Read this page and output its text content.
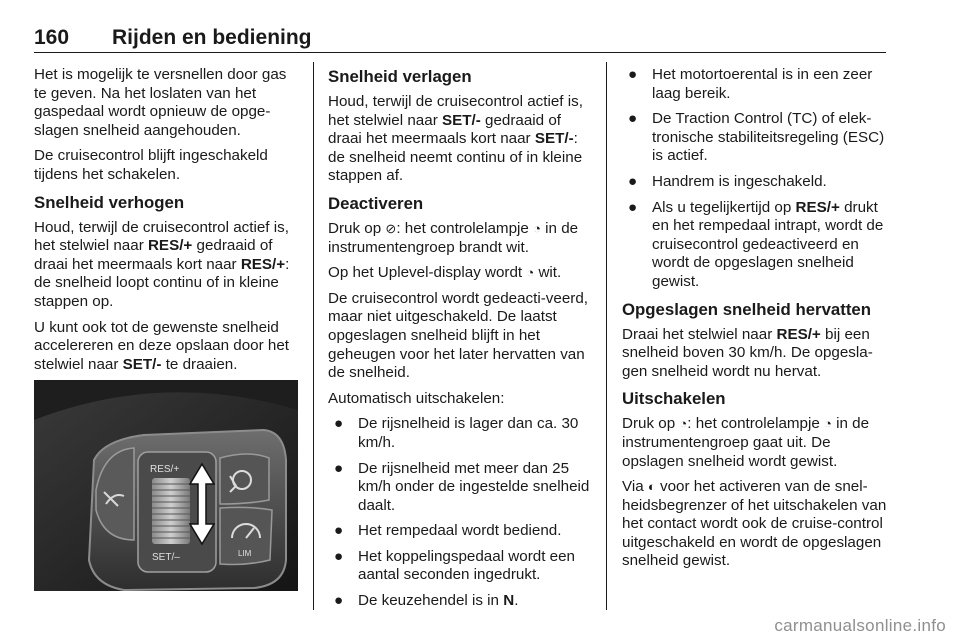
160 Rijden en bediening

Het is mogelijk te versnellen door gas te geven. Na het loslaten van het gaspedaal wordt opnieuw de opge-slagen snelheid aangehouden.

De cruisecontrol blijft ingeschakeld tijdens het schakelen.

Snelheid verhogen

Houd, terwijl de cruisecontrol actief is, het stelwiel naar RES/+ gedraaid of draai het meermaals kort naar RES/+: de snelheid loopt continu of in kleine stappen op.

U kunt ook tot de gewenste snelheid accelereren en deze opslaan door het stelwiel naar SET/- te draaien.

RES/+
SET/–	LIM
Snelheid verlagen

Houd, terwijl de cruisecontrol actief is, het stelwiel naar SET/- gedraaid of draai het meermaals kort naar SET/-: de snelheid neemt continu of in kleine stappen af.

Deactiveren

Druk op ⊘: het controlelampje ◔ in de instrumentengroep brandt wit.

Op het Uplevel-display wordt ◔ wit.

De cruisecontrol wordt gedeacti-veerd, maar niet uitgeschakeld. De laatst opgeslagen snelheid blijft in het geheugen voor het later hervatten van de snelheid.

Automatisch uitschakelen:

● De rijsnelheid is lager dan ca. 30 km/h.
● De rijsnelheid met meer dan 25 km/h onder de ingestelde snelheid daalt.
● Het rempedaal wordt bediend.
● Het koppelingspedaal wordt een aantal seconden ingedrukt.
● De keuzehendel is in N.
● Het motortoerental is in een zeer laag bereik.
● De Traction Control (TC) of elek-tronische stabiliteitsregeling (ESC) is actief.
● Handrem is ingeschakeld.
● Als u tegelijkertijd op RES/+ drukt en het rempedaal intrapt, wordt de cruisecontrol gedeactiveerd en wordt de opgeslagen snelheid gewist.
Opgeslagen snelheid hervatten

Draai het stelwiel naar RES/+ bij een snelheid boven 30 km/h. De opgesla-gen snelheid wordt nu hervat.

Uitschakelen

Druk op ◔: het controlelampje ◔ in de instrumentengroep gaat uit. De opslagen snelheid wordt gewist.

Via ◐ voor het activeren van de snel-heidsbegrenzer of het uitschakelen van het contact wordt ook de cruise-control uitgeschakeld en wordt de opgeslagen snelheid gewist.

carmanualsonline.info
